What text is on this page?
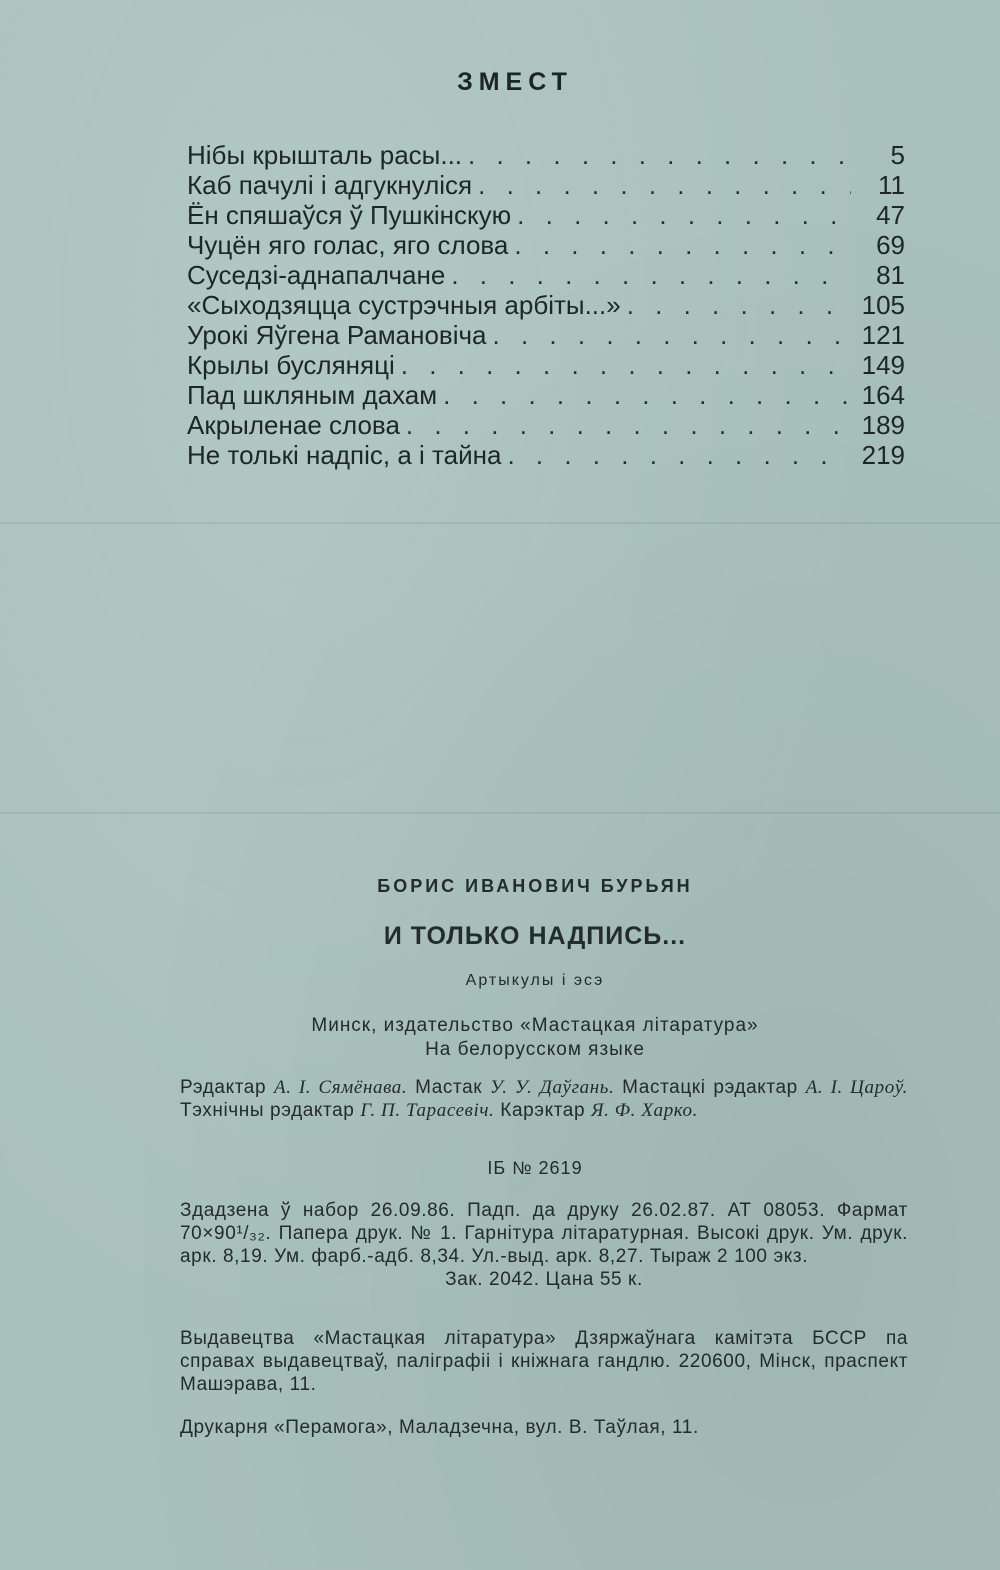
ЗМЕСТ
Нібы крышталь расы... . . .	5
Каб пачулі і адгукнуліся . . .	11
Ён спяшаўся ў Пушкінскую . . .	47
Чуцён яго голас, яго слова . . .	69
Суседзі-аднапалчане . . .	81
«Сыходзяцца сустрэчныя арбіты...» . . .	105
Урокі Яўгена Рамановіча . . .	121
Крылы бусляняці . . .	149
Пад шкляным дахам . . .	164
Акрыленае слова . . .	189
Не толькі надпіс, а і тайна . . .	219
БОРИС ИВАНОВИЧ БУРЬЯН
И ТОЛЬКО НАДПИСЬ...
Артыкулы і эсэ
Минск, издательство «Мастацкая літаратура»
На белорусском языке
Рэдактар А. І. Сямёнава. Мастак У. У. Даўгань. Мастацкі рэдактар А. І. Цароў. Тэхнічны рэдактар Г. П. Тарасевіч. Карэктар Я. Ф. Харко.
ІБ № 2619
Здадзена ў набор 26.09.86. Падп. да друку 26.02.87. АТ 08053. Фармат 70×90¹/₃₂. Папера друк. № 1. Гарнітура літаратурная. Высокі друк. Ум. друк. арк. 8,19. Ум. фарб.-адб. 8,34. Ул.-выд. арк. 8,27. Тыраж 2 100 экз.
Зак. 2042. Цана 55 к.
Выдавецтва «Мастацкая літаратура» Дзяржаўнага камітэта БССР па справах выдавецтваў, паліграфіі і кніжнага гандлю. 220600, Мінск, праспект Машэрава, 11.
Друкарня «Перамога», Маладзечна, вул. В. Таўлая, 11.
